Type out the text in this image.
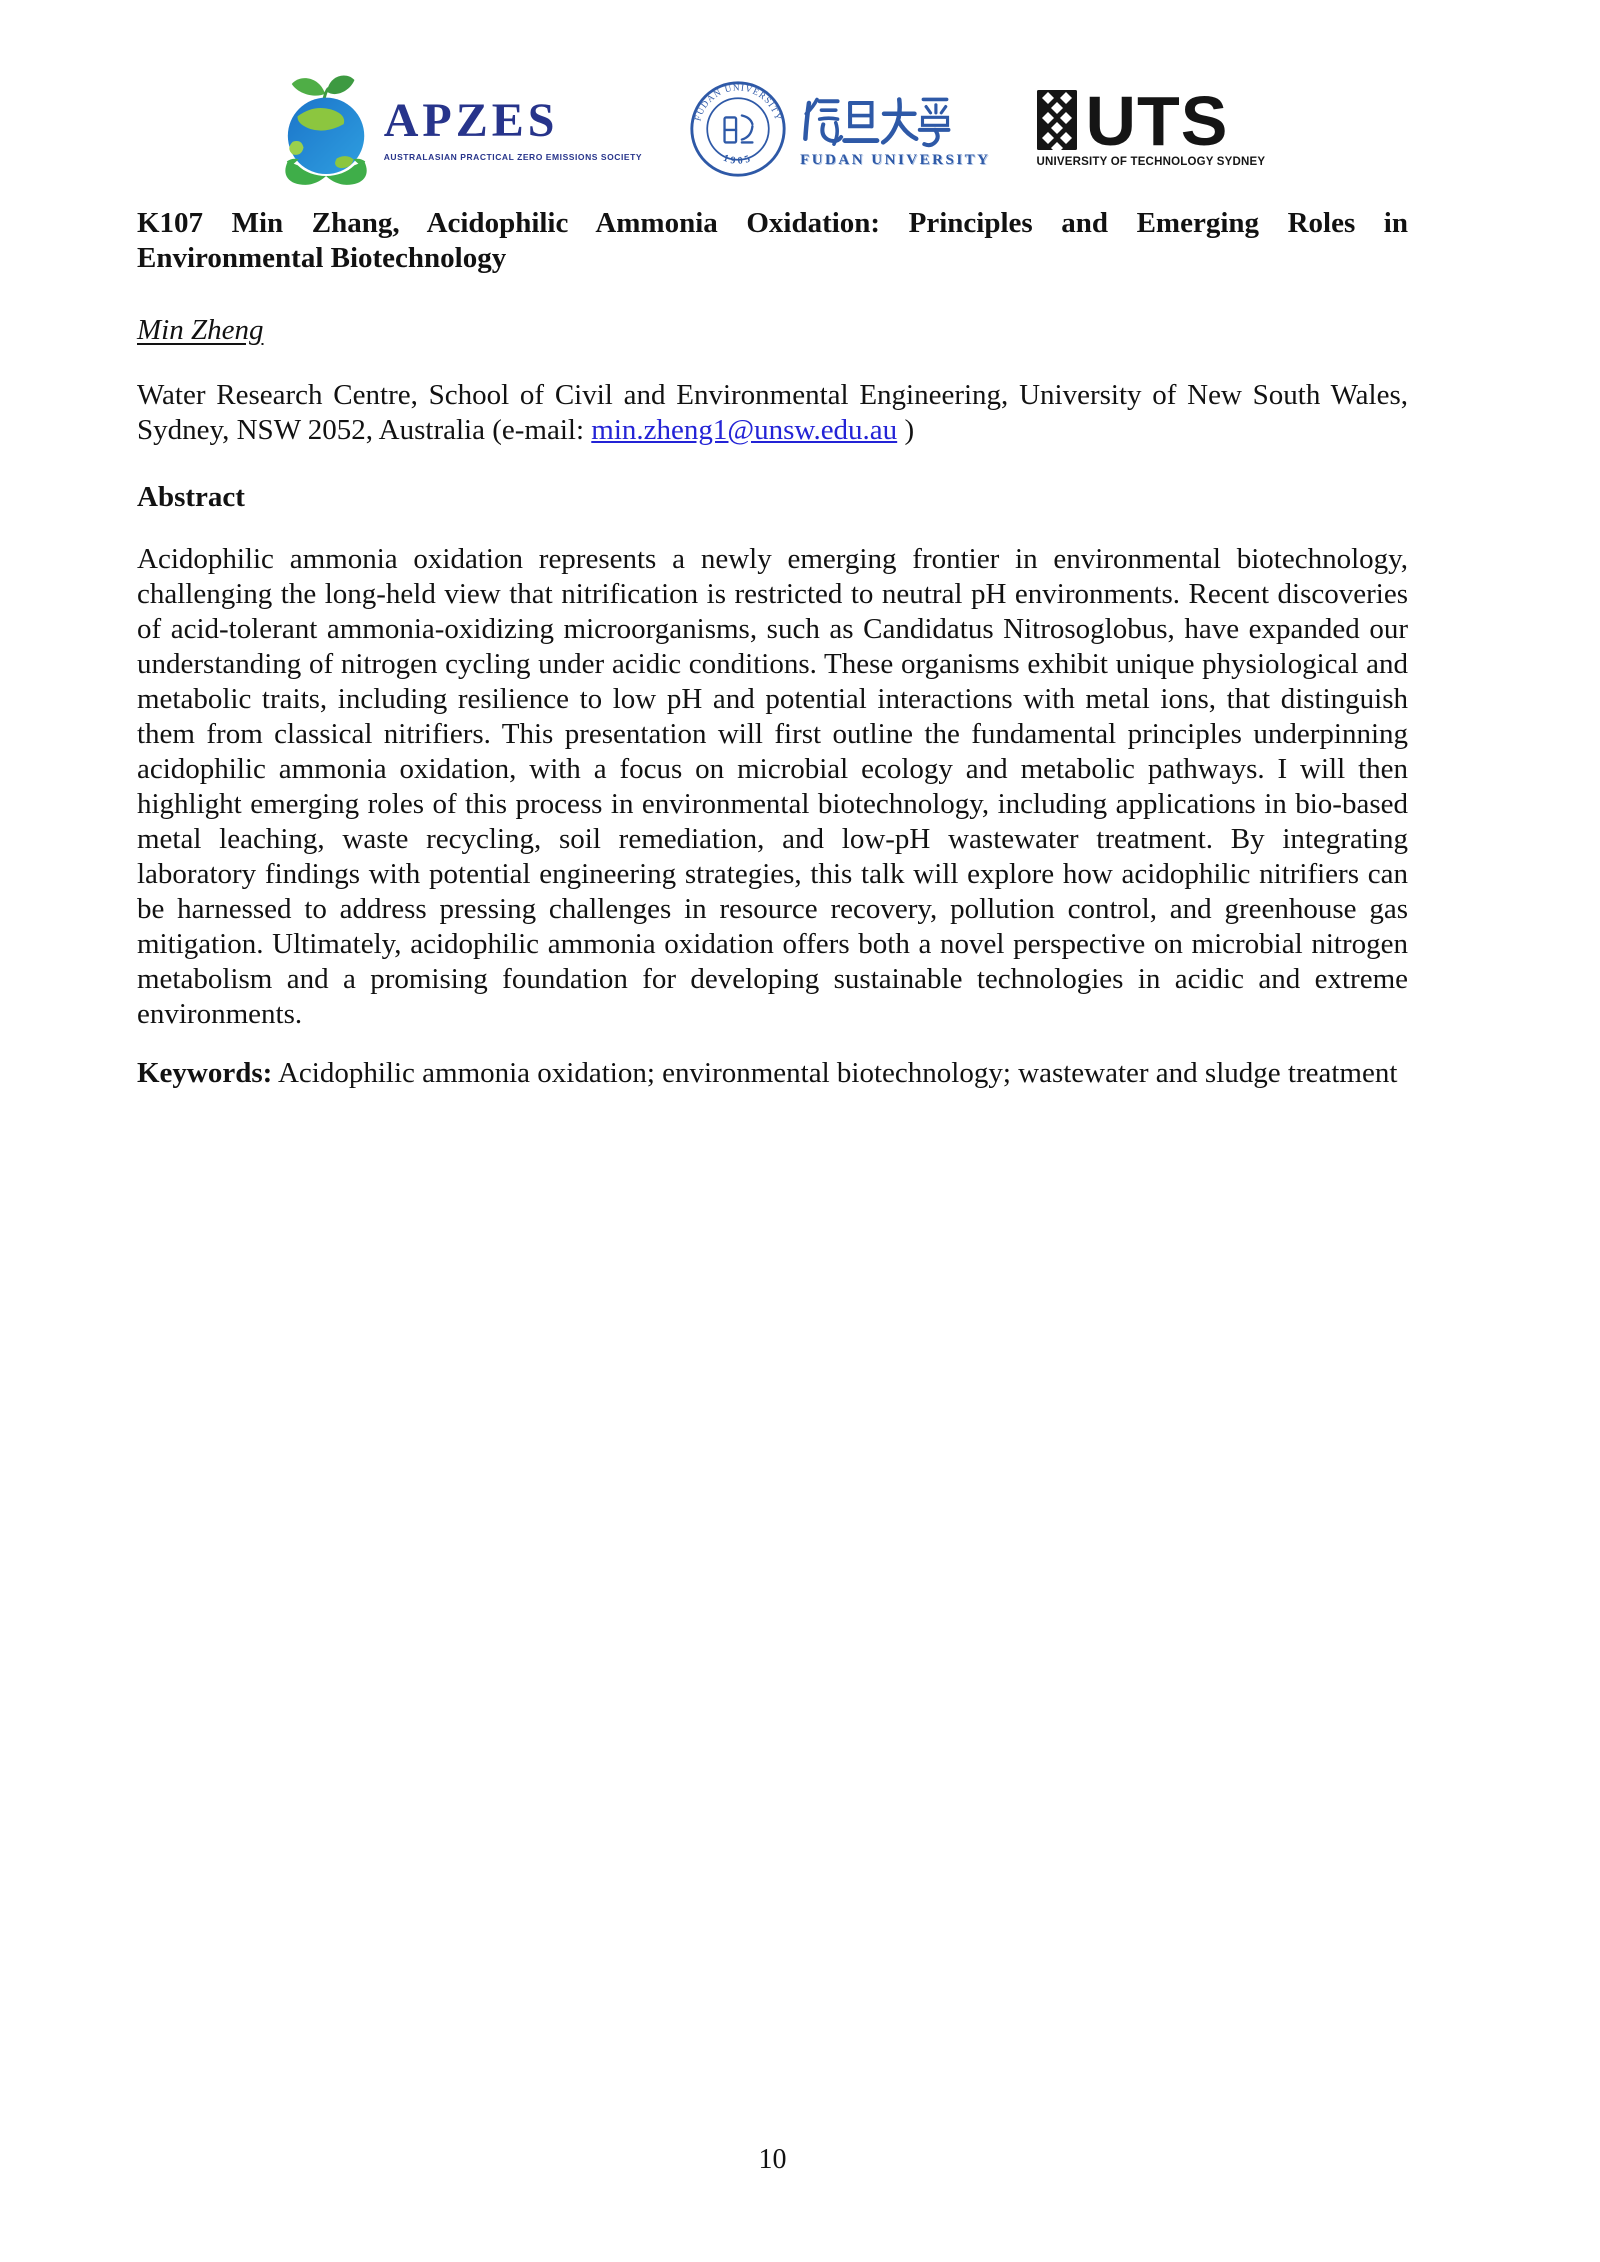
APZES
AUSTRALASIAN PRACTICAL ZERO EMISSIONS SOCIETY
FUDAN UNIVERSITY
1905	FUDAN UNIVERSITY UTS
UNIVERSITY OF TECHNOLOGY SYDNEY
K107 Min Zhang, Acidophilic Ammonia Oxidation: Principles and Emerging Roles in
Environmental Biotechnology

Min Zheng

Water Research Centre, School of Civil and Environmental Engineering, University of New South Wales, Sydney, NSW 2052, Australia (e-mail: min.zheng1@unsw.edu.au )

Abstract

Acidophilic ammonia oxidation represents a newly emerging frontier in environmental biotechnology, challenging the long-held view that nitrification is restricted to neutral pH environments. Recent discoveries of acid-tolerant ammonia-oxidizing microorganisms, such as Candidatus Nitrosoglobus, have expanded our understanding of nitrogen cycling under acidic conditions. These organisms exhibit unique physiological and metabolic traits, including resilience to low pH and potential interactions with metal ions, that distinguish them from classical nitrifiers. This presentation will first outline the fundamental principles underpinning acidophilic ammonia oxidation, with a focus on microbial ecology and metabolic pathways. I will then highlight emerging roles of this process in environmental biotechnology, including applications in bio-based metal leaching, waste recycling, soil remediation, and low-pH wastewater treatment. By integrating laboratory findings with potential engineering strategies, this talk will explore how acidophilic nitrifiers can be harnessed to address pressing challenges in resource recovery, pollution control, and greenhouse gas mitigation. Ultimately, acidophilic ammonia oxidation offers both a novel perspective on microbial nitrogen metabolism and a promising foundation for developing sustainable technologies in acidic and extreme environments.

Keywords: Acidophilic ammonia oxidation; environmental biotechnology; wastewater and sludge treatment

10
